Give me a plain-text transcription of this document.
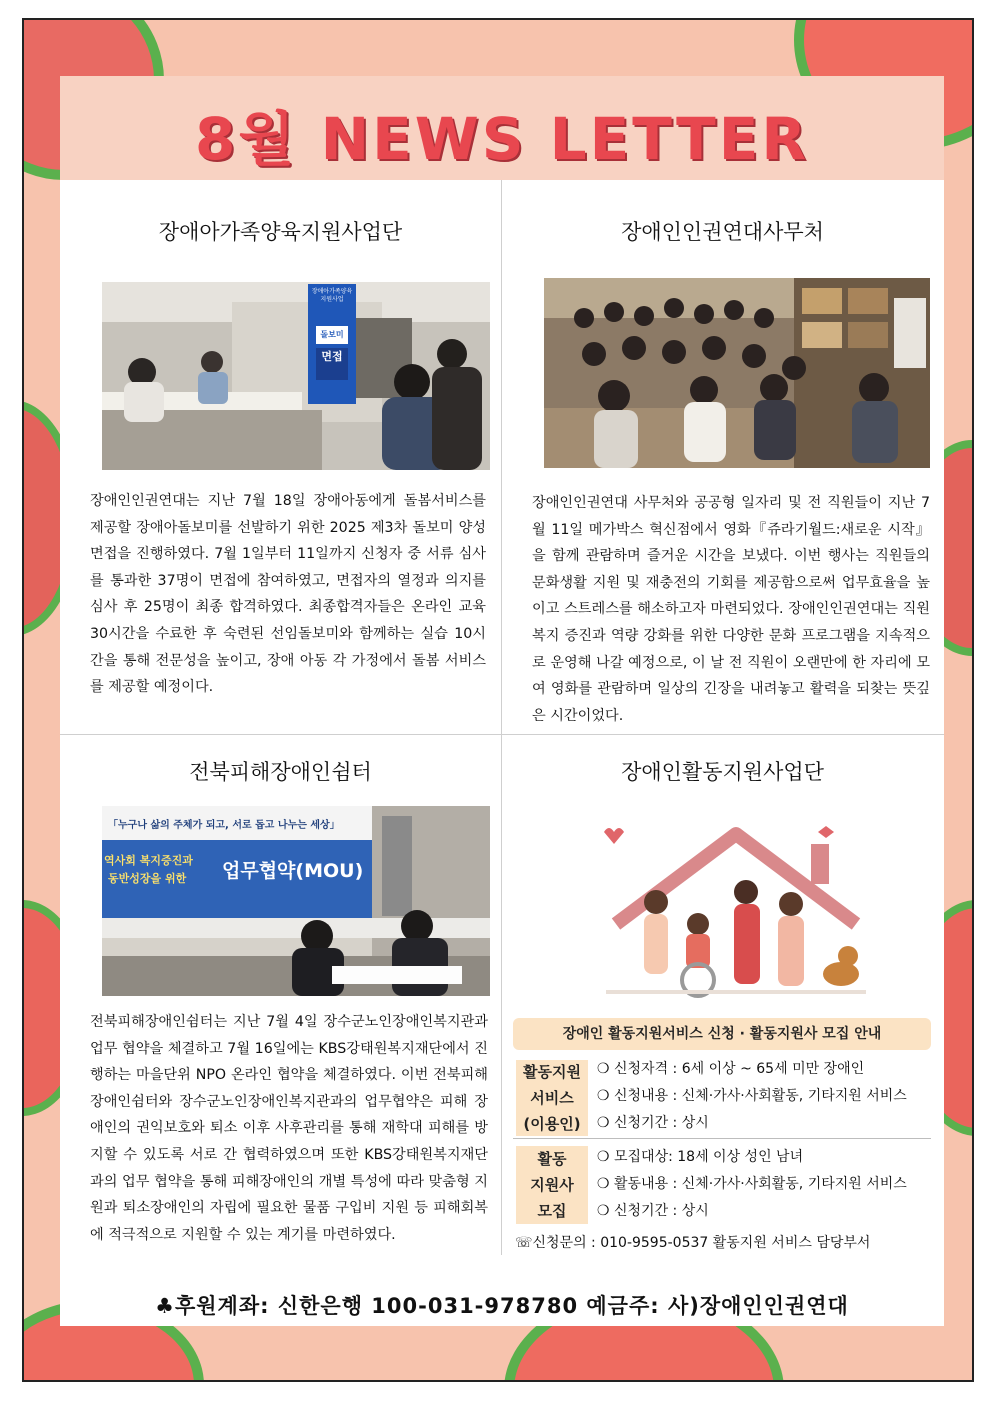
8월 NEWS LETTER
장애아가족양육지원사업단
장애아가족양육지원사업
돌보미
면접
장애인인권연대는 지난 7월 18일 장애아동에게 돌봄서비스를 제공할 장애아돌보미를 선발하기 위한 2025 제3차 돌보미 양성 면접을 진행하였다. 7월 1일부터 11일까지 신청자 중 서류 심사를 통과한 37명이 면접에 참여하였고, 면접자의 열정과 의지를 심사 후 25명이 최종 합격하였다. 최종합격자들은 온라인 교육 30시간을 수료한 후 숙련된 선임돌보미와 함께하는 실습 10시간을 통해 전문성을 높이고, 장애 아동 각 가정에서 돌봄 서비스를 제공할 예정이다.
장애인인권연대사무처
장애인인권연대 사무처와 공공형 일자리 및 전 직원들이 지난 7월 11일 메가박스 혁신점에서 영화『쥬라기월드:새로운 시작』을 함께 관람하며 즐거운 시간을 보냈다. 이번 행사는 직원들의 문화생활 지원 및 재충전의 기회를 제공함으로써 업무효율을 높이고 스트레스를 해소하고자 마련되었다. 장애인인권연대는 직원복지 증진과 역량 강화를 위한 다양한 문화 프로그램을 지속적으로 운영해 나갈 예정으로, 이 날 전 직원이 오랜만에 한 자리에 모여 영화를 관람하며 일상의 긴장을 내려놓고 활력을 되찾는 뜻깊은 시간이었다.
전북피해장애인쉼터
「누구나 삶의 주체가 되고, 서로 돕고 나누는 세상」
역사회 복지증진과
동반성장을 위한 업무협약(MOU)
전북피해장애인쉼터는 지난 7월 4일 장수군노인장애인복지관과 업무 협약을 체결하고 7월 16일에는 KBS강태원복지재단에서 진행하는 마을단위 NPO 온라인 협약을 체결하였다. 이번 전북피해장애인쉼터와 장수군노인장애인복지관과의 업무협약은 피해 장애인의 권익보호와 퇴소 이후 사후관리를 통해 재학대 피해를 방지할 수 있도록 서로 간 협력하였으며 또한 KBS강태원복지재단과의 업무 협약을 통해 피해장애인의 개별 특성에 따라 맞춤형 지원과 퇴소장애인의 자립에 필요한 물품 구입비 지원 등 피해회복에 적극적으로 지원할 수 있는 계기를 마련하였다.
장애인활동지원사업단
장애인 활동지원서비스 신청 · 활동지원사 모집 안내
활동지원
서비스
(이용인)
❍ 신청자격 : 6세 이상 ~ 65세 미만 장애인
❍ 신청내용 : 신체·가사·사회활동, 기타지원 서비스
❍ 신청기간 : 상시
활동
지원사
모집
❍ 모집대상: 18세 이상 성인 남녀
❍ 활동내용 : 신체·가사·사회활동, 기타지원 서비스
❍ 신청기간 : 상시
☏신청문의 : 010-9595-0537 활동지원 서비스 담당부서
♣후원계좌: 신한은행 100-031-978780 예금주: 사)장애인인권연대
